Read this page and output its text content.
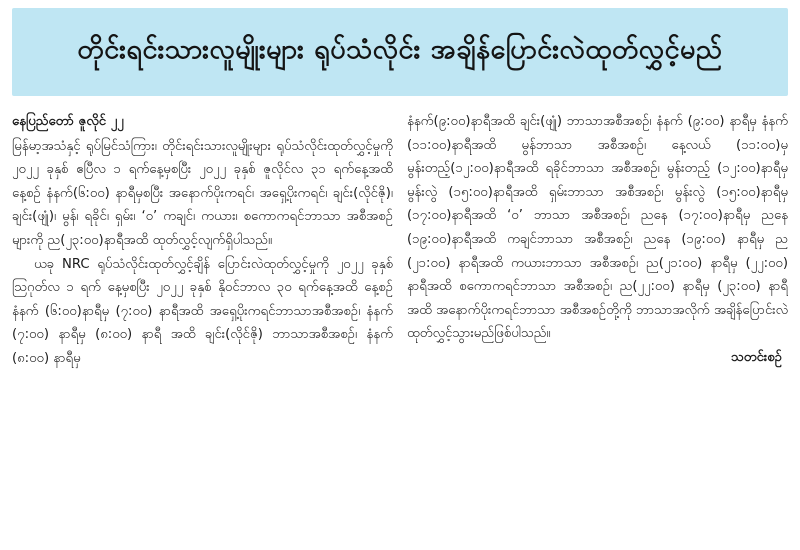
တိုင်းရင်းသားလူမျိုးများ ရုပ်သံလိုင်း အချိန်ပြောင်းလဲထုတ်လွှင့်မည်

နေပြည်တော် ဇူလိုင် ၂၂

မြန်မာ့အသံနှင့် ရုပ်မြင်သံကြား၊ တိုင်းရင်းသားလူမျိုးများ ရုပ်သံလိုင်းထုတ်လွှင့်မှုကို ၂၀၂၂ ခုနှစ် ဧပြီလ ၁ ရက်နေ့မှစပြီး ၂၀၂၂ ခုနှစ် ဇူလိုင်လ ၃၁ ရက်နေ့အထိ နေ့စဉ် နံနက်(၆:၀၀) နာရီမှစပြီး အနောက်ပိုးကရင်၊ အရှေ့ပိုးကရင်၊ ချင်း(လိုင်ဇို)၊ ချင်း(ဖျုံ)၊ မွန်၊ ရခိုင်၊ ရှမ်း၊ ‘ဝ’ ကချင်၊ ကယား၊ စကောကရင်ဘာသာ အစီအစဉ်များကို ည(၂၃:၀၀)နာရီအထိ ထုတ်လွှင့်လျက်ရှိပါသည်။

ယခု NRC ရုပ်သံလိုင်းထုတ်လွှင့်ချိန် ပြောင်းလဲထုတ်လွှင့်မှုကို ၂၀၂၂ ခုနှစ် ဩဂုတ်လ ၁ ရက် နေ့မှစပြီး ၂၀၂၂ ခုနှစ် နိုဝင်ဘာလ ၃၀ ရက်နေ့အထိ နေ့စဉ် နံနက် (၆:၀၀)နာရီမှ (၇:၀၀) နာရီအထိ အရှေ့ပိုးကရင်ဘာသာအစီအစဉ်၊ နံနက် (၇:၀၀) နာရီမှ (၈:၀၀) နာရီ အထိ ချင်း(လိုင်ဇို) ဘာသာအစီအစဉ်၊ နံနက် (၈:၀၀) နာရီမှ

နံနက်(၉:၀၀)နာရီအထိ ချင်း(ဖျုံ) ဘာသာအစီအစဉ်၊ နံနက် (၉:၀၀) နာရီမှ နံနက် (၁၁:၀၀)နာရီအထိ မွန်ဘာသာ အစီအစဉ်၊ နေ့လယ် (၁၁:၀၀)မှ မွန်းတည့်(၁၂:၀၀)နာရီအထိ ရခိုင်ဘာသာ အစီအစဉ်၊ မွန်းတည့် (၁၂:၀၀)နာရီမှ မွန်းလွဲ (၁၅:၀၀)နာရီအထိ ရှမ်းဘာသာ အစီအစဉ်၊ မွန်းလွဲ (၁၅:၀၀)နာရီမှ (၁၇:၀၀)နာရီအထိ ‘ဝ’ ဘာသာ အစီအစဉ်၊ ညနေ (၁၇:၀၀)နာရီမှ ညနေ (၁၉:၀၀)နာရီအထိ ကချင်ဘာသာ အစီအစဉ်၊ ညနေ (၁၉:၀၀) နာရီမှ ည (၂၁:၀၀) နာရီအထိ ကယားဘာသာ အစီအစဉ်၊ ည(၂၁:၀၀) နာရီမှ (၂၂:၀၀) နာရီအထိ စကောကရင်ဘာသာ အစီအစဉ်၊ ည(၂၂:၀၀) နာရီမှ (၂၃:၀၀) နာရီအထိ အနောက်ပိုးကရင်ဘာသာ အစီအစဉ်တို့ကို ဘာသာအလိုက် အချိန်ပြောင်းလဲ ထုတ်လွှင့်သွားမည်ဖြစ်ပါသည်။

သတင်းစဉ်
